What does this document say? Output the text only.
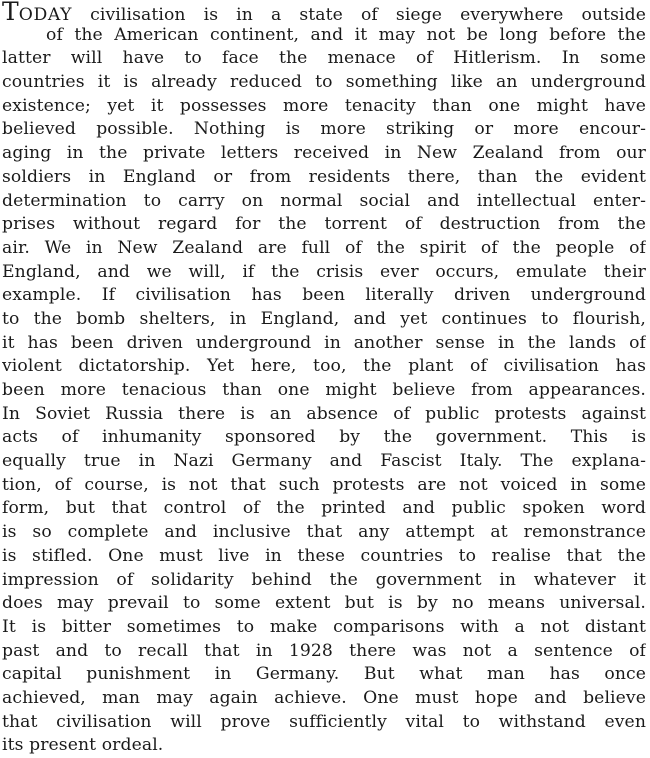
TODAY civilisation is in a state of siege everywhere outside
of the American continent, and it may not be long before the
latter will have to face the menace of Hitlerism. In some
countries it is already reduced to something like an underground
existence; yet it possesses more tenacity than one might have
believed possible. Nothing is more striking or more encour-
aging in the private letters received in New Zealand from our
soldiers in England or from residents there, than the evident
determination to carry on normal social and intellectual enter-
prises without regard for the torrent of destruction from the
air. We in New Zealand are full of the spirit of the people of
England, and we will, if the crisis ever occurs, emulate their
example. If civilisation has been literally driven underground
to the bomb shelters, in England, and yet continues to flourish,
it has been driven underground in another sense in the lands of
violent dictatorship. Yet here, too, the plant of civilisation has
been more tenacious than one might believe from appearances.
In Soviet Russia there is an absence of public protests against
acts of inhumanity sponsored by the government. This is
equally true in Nazi Germany and Fascist Italy. The explana-
tion, of course, is not that such protests are not voiced in some
form, but that control of the printed and public spoken word
is so complete and inclusive that any attempt at remonstrance
is stifled. One must live in these countries to realise that the
impression of solidarity behind the government in whatever it
does may prevail to some extent but is by no means universal.
It is bitter sometimes to make comparisons with a not distant
past and to recall that in 1928 there was not a sentence of
capital punishment in Germany. But what man has once
achieved, man may again achieve. One must hope and believe
that civilisation will prove sufficiently vital to withstand even
its present ordeal.
